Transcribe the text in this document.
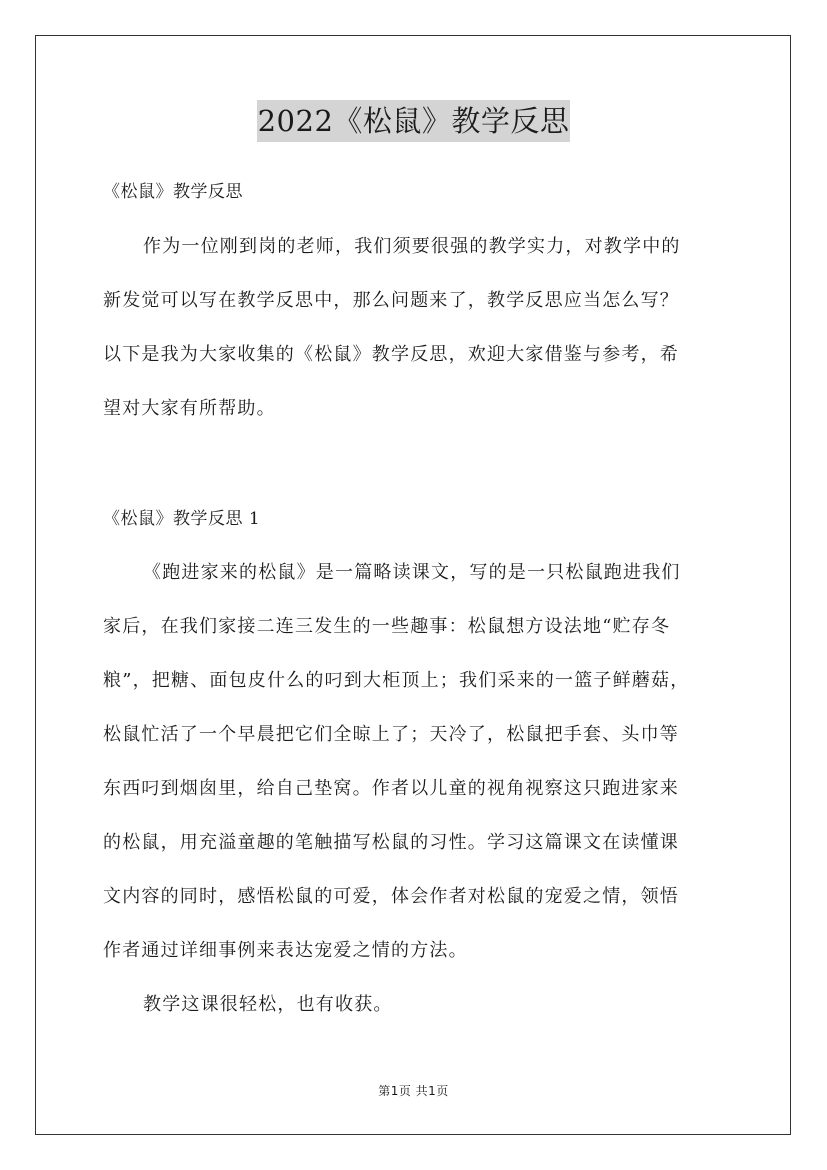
2022《松鼠》教学反思
《松鼠》教学反思
作为一位刚到岗的老师，我们须要很强的教学实力，对教学中的
新发觉可以写在教学反思中，那么问题来了，教学反思应当怎么写？
以下是我为大家收集的《松鼠》教学反思，欢迎大家借鉴与参考，希
望对大家有所帮助。
《松鼠》教学反思 1
《跑进家来的松鼠》是一篇略读课文，写的是一只松鼠跑进我们
家后，在我们家接二连三发生的一些趣事：松鼠想方设法地“贮存冬
粮”，把糖、面包皮什么的叼到大柜顶上；我们采来的一篮子鲜蘑菇，
松鼠忙活了一个早晨把它们全晾上了；天冷了，松鼠把手套、头巾等
东西叼到烟囱里，给自己垫窝。作者以儿童的视角视察这只跑进家来
的松鼠，用充溢童趣的笔触描写松鼠的习性。学习这篇课文在读懂课
文内容的同时，感悟松鼠的可爱，体会作者对松鼠的宠爱之情，领悟
作者通过详细事例来表达宠爱之情的方法。
教学这课很轻松，也有收获。
第1页 共1页
